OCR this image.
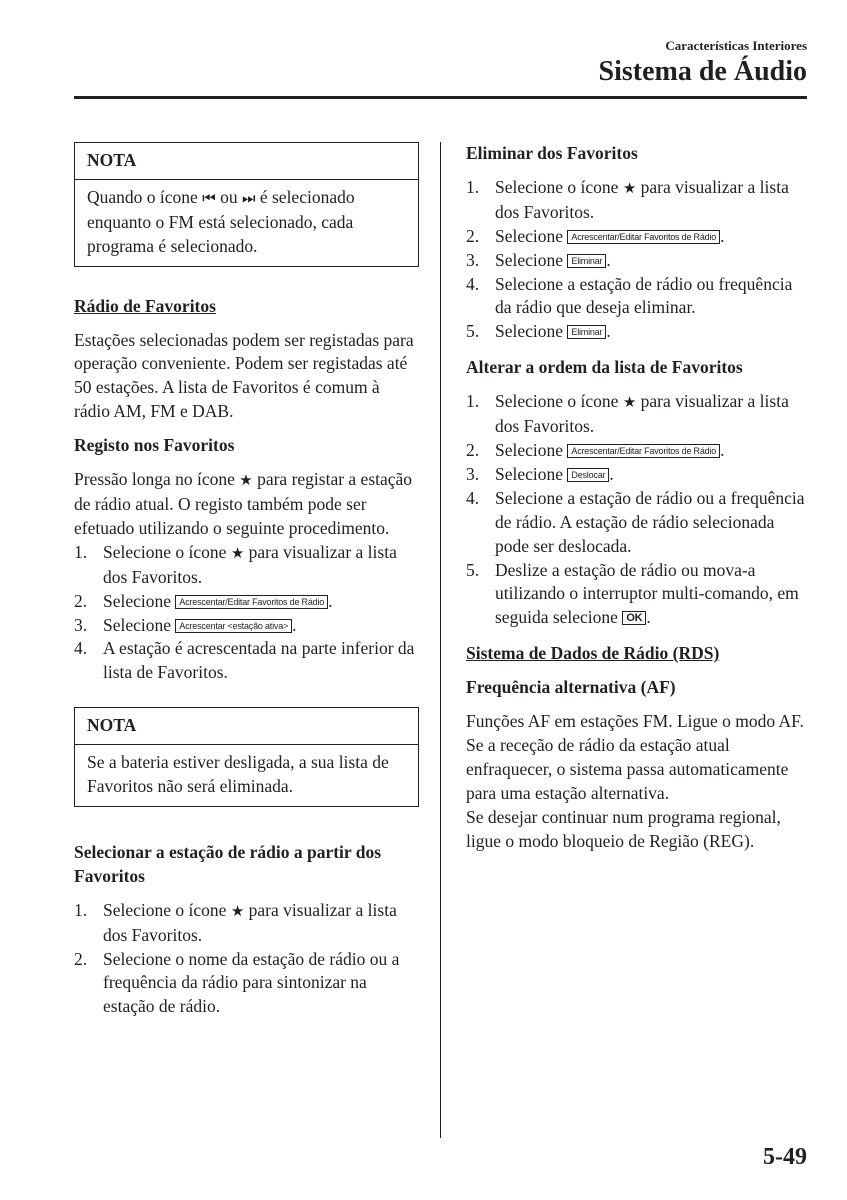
Características Interiores
Sistema de Áudio
NOTA
Quando o ícone ⏮ ou ⏭ é selecionado enquanto o FM está selecionado, cada programa é selecionado.
Rádio de Favoritos

Estações selecionadas podem ser registadas para operação conveniente. Podem ser registadas até 50 estações. A lista de Favoritos é comum à rádio AM, FM e DAB.

Registo nos Favoritos

Pressão longa no ícone ★ para registar a estação de rádio atual. O registo também pode ser efetuado utilizando o seguinte procedimento.

1. Selecione o ícone ★ para visualizar a lista dos Favoritos.
2. Selecione Acrescentar/Editar Favoritos de Rádio .
3. Selecione Acrescentar <estação ativa> .
4. A estação é acrescentada na parte inferior da lista de Favoritos.
NOTA
Se a bateria estiver desligada, a sua lista de Favoritos não será eliminada.
Selecionar a estação de rádio a partir dos Favoritos
1. Selecione o ícone ★ para visualizar a lista dos Favoritos.
2. Selecione o nome da estação de rádio ou a frequência da rádio para sintonizar na estação de rádio.
Eliminar dos Favoritos
1. Selecione o ícone ★ para visualizar a lista dos Favoritos.
2. Selecione Acrescentar/Editar Favoritos de Rádio .
3. Selecione Eliminar .
4. Selecione a estação de rádio ou frequência da rádio que deseja eliminar.
5. Selecione Eliminar .
Alterar a ordem da lista de Favoritos
1. Selecione o ícone ★ para visualizar a lista dos Favoritos.
2. Selecione Acrescentar/Editar Favoritos de Rádio .
3. Selecione Deslocar .
4. Selecione a estação de rádio ou a frequência de rádio. A estação de rádio selecionada pode ser deslocada.
5. Deslize a estação de rádio ou mova-a utilizando o interruptor multi-comando, em seguida selecione OK .
Sistema de Dados de Rádio (RDS)
Frequência alternativa (AF)

Funções AF em estações FM. Ligue o modo AF. Se a receção de rádio da estação atual enfraquecer, o sistema passa automaticamente para uma estação alternativa.

Se desejar continuar num programa regional, ligue o modo bloqueio de Região (REG).

5-49
